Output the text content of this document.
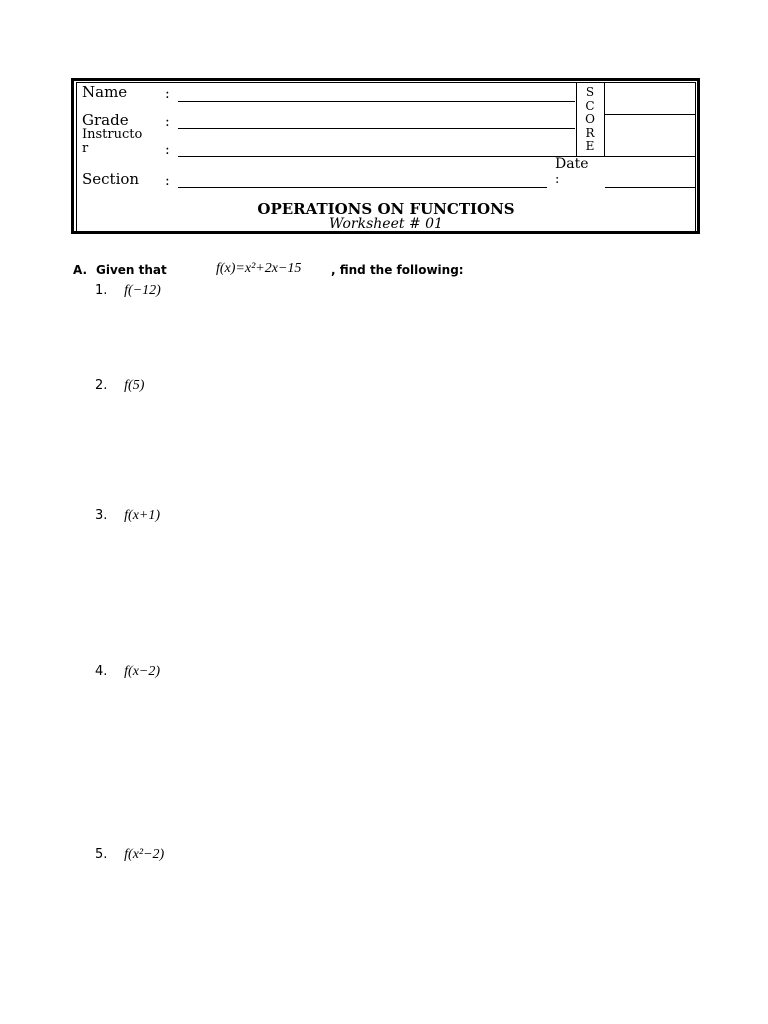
Name	:
Grade	:
Instructo
r	:
Section :
S
C
O
R
E
Date
:
OPERATIONS ON FUNCTIONS
Worksheet # 01
A. Given that	f(x)=x²+2x−15 , find the following:
1. f(−12)
2. f(5)
3. f(x+1)
4. f(x−2)
5. f(x²−2)
